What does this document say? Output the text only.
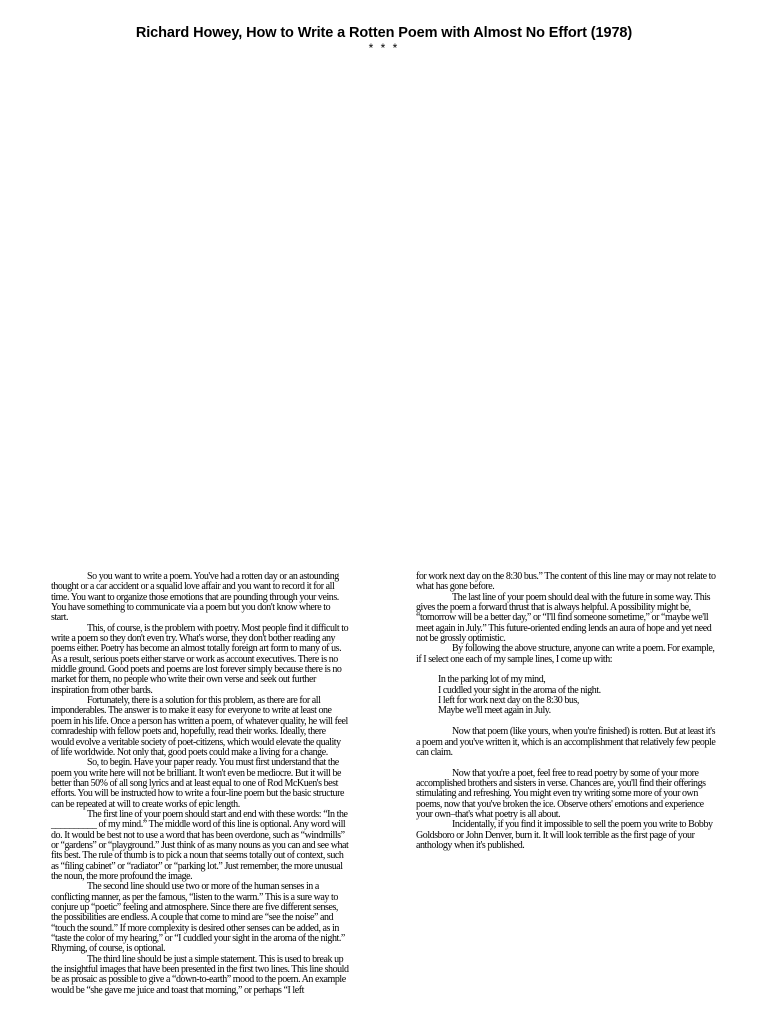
Richard Howey, How to Write a Rotten Poem with Almost No Effort (1978)
* * *

So you want to write a poem. You've had a rotten day or an astounding thought or a car accident or a squalid love affair and you want to record it for all time. You want to organize those emotions that are pounding through your veins. You have something to communicate via a poem but you don't know where to start.

This, of course, is the problem with poetry. Most people find it difficult to write a poem so they don't even try. What's worse, they don't bother reading any poems either. Poetry has become an almost totally foreign art form to many of us. As a result, serious poets either starve or work as account executives. There is no middle ground. Good poets and poems are lost forever simply because there is no market for them, no people who write their own verse and seek out further inspiration from other bards.

Fortunately, there is a solution for this problem, as there are for all imponderables. The answer is to make it easy for everyone to write at least one poem in his life. Once a person has written a poem, of whatever quality, he will feel comradeship with fellow poets and, hopefully, read their works. Ideally, there would evolve a veritable society of poet-citizens, which would elevate the quality of life worldwide. Not only that, good poets could make a living for a change.

So, to begin. Have your paper ready. You must first understand that the poem you write here will not be brilliant. It won't even be mediocre. But it will be better than 50% of all song lyrics and at least equal to one of Rod McKuen's best efforts. You will be instructed how to write a four-line poem but the basic structure can be repeated at will to create works of epic length.

The first line of your poem should start and end with these words: “In the __________ of my mind.” The middle word of this line is optional. Any word will do. It would be best not to use a word that has been overdone, such as “windmills” or “gardens” or “playground.” Just think of as many nouns as you can and see what fits best. The rule of thumb is to pick a noun that seems totally out of context, such as “filing cabinet” or “radiator” or “parking lot.” Just remember, the more unusual the noun, the more profound the image.

The second line should use two or more of the human senses in a conflicting manner, as per the famous, “listen to the warm.” This is a sure way to conjure up “poetic” feeling and atmosphere. Since there are five different senses, the possibilities are endless. A couple that come to mind are “see the noise” and “touch the sound.” If more complexity is desired other senses can be added, as in “taste the color of my hearing,” or “I cuddled your sight in the aroma of the night.” Rhyming, of course, is optional.

The third line should be just a simple statement. This is used to break up the insightful images that have been presented in the first two lines. This line should be as prosaic as possible to give a “down-to-earth” mood to the poem. An example would be “she gave me juice and toast that morning,” or perhaps “I left

for work next day on the 8:30 bus.” The content of this line may or may not relate to what has gone before.

The last line of your poem should deal with the future in some way. This gives the poem a forward thrust that is always helpful. A possibility might be, “tomorrow will be a better day,” or “I'll find someone sometime,” or “maybe we'll meet again in July.” This future-oriented ending lends an aura of hope and yet need not be grossly optimistic.

By following the above structure, anyone can write a poem. For example, if I select one each of my sample lines, I come up with:

In the parking lot of my mind,
I cuddled your sight in the aroma of the night.
I left for work next day on the 8:30 bus,
Maybe we'll meet again in July.

Now that poem (like yours, when you're finished) is rotten. But at least it's a poem and you've written it, which is an accomplishment that relatively few people can claim.

Now that you're a poet, feel free to read poetry by some of your more accomplished brothers and sisters in verse. Chances are, you'll find their offerings stimulating and refreshing. You might even try writing some more of your own poems, now that you've broken the ice. Observe others' emotions and experience your own–that's what poetry is all about.

Incidentally, if you find it impossible to sell the poem you write to Bobby Goldsboro or John Denver, burn it. It will look terrible as the first page of your anthology when it's published.
